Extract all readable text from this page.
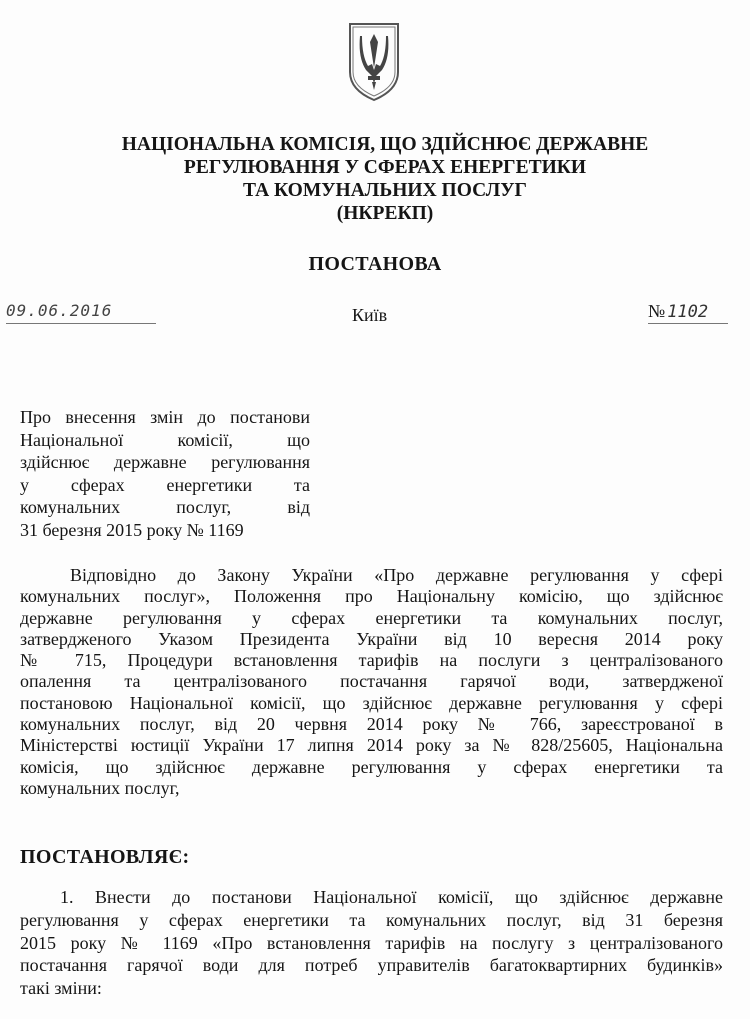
НАЦІОНАЛЬНА КОМІСІЯ, ЩО ЗДІЙСНЮЄ ДЕРЖАВНЕ
РЕГУЛЮВАННЯ У СФЕРАХ ЕНЕРГЕТИКИ
ТА КОМУНАЛЬНИХ ПОСЛУГ
(НКРЕКП)
ПОСТАНОВА
09.06.2016	Київ	№ 1102
Про внесення змін до постанови
Національної комісії, що
здійснює державне регулювання
у сферах енергетики та
комунальних послуг, від
31 березня 2015 року № 1169
Відповідно до Закону України «Про державне регулювання у сфері
комунальних послуг», Положення про Національну комісію, що здійснює
державне регулювання у сферах енергетики та комунальних послуг,
затвердженого Указом Президента України від 10 вересня 2014 року
№ 715, Процедури встановлення тарифів на послуги з централізованого
опалення та централізованого постачання гарячої води, затвердженої
постановою Національної комісії, що здійснює державне регулювання у сфері
комунальних послуг, від 20 червня 2014 року № 766, зареєстрованої в
Міністерстві юстиції України 17 липня 2014 року за № 828/25605, Національна
комісія, що здійснює державне регулювання у сферах енергетики та
комунальних послуг,
ПОСТАНОВЛЯЄ:
1. Внести до постанови Національної комісії, що здійснює державне
регулювання у сферах енергетики та комунальних послуг, від 31 березня
2015 року № 1169 «Про встановлення тарифів на послугу з централізованого
постачання гарячої води для потреб управителів багатоквартирних будинків»
такі зміни:
